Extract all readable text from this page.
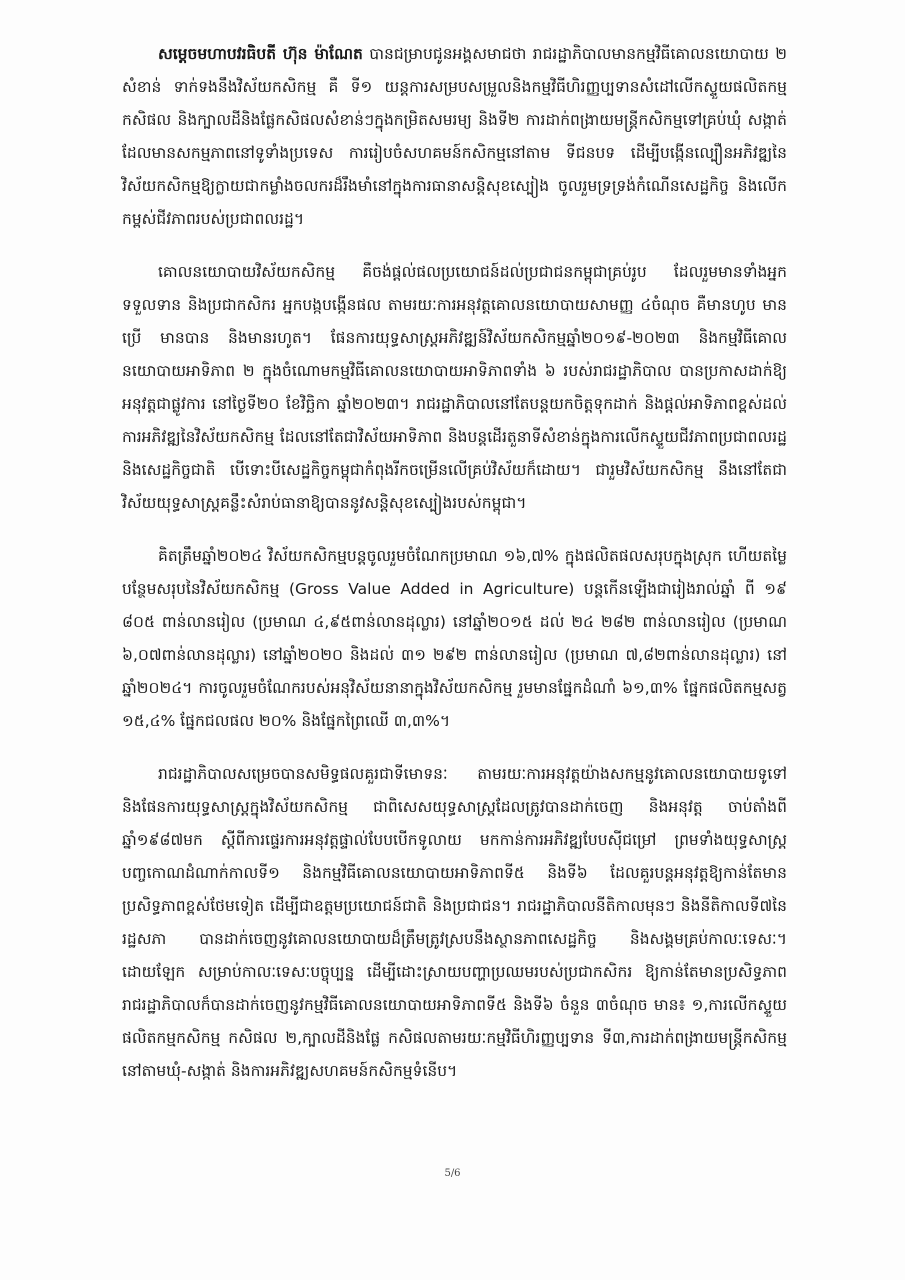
សម្ដេចមហាបវរធិបតី ហ៊ុន ម៉ាណែត បានជម្រាបជូនអង្គសមាជថា រាជរដ្ឋាភិបាលមានកម្មវិធីគោលនយោបាយ ២ សំខាន់ ទាក់ទងនឹងវិស័យកសិកម្ម គឺ ទី១ យន្តការសម្របសម្រួលនិងកម្មវិធីហិរញ្ញប្បទានសំដៅលើកស្ទួយផលិតកម្ម កសិផល និងក្បាលដីនិងផ្លែកសិផលសំខាន់ៗក្នុងកម្រិតសមរម្យ និងទី២ ការដាក់ពង្រាយមន្ត្រីកសិកម្មទៅគ្រប់ឃុំ សង្កាត់ ដែលមានសកម្មភាពនៅទូទាំងប្រទេស ការរៀបចំសហគមន៍កសិកម្មនៅតាម ទីជនបទ ដើម្បីបង្កើនល្បឿនអភិវឌ្ឍនៃវិស័យកសិកម្មឱ្យក្លាយជាកម្លាំងចលករដ៏រឹងមាំនៅក្នុងការធានាសន្តិសុខស្បៀង ចូលរួមទ្រទ្រង់កំណើនសេដ្ឋកិច្ច និងលើកកម្ពស់ជីវភាពរបស់ប្រជាពលរដ្ឋ។

គោលនយោបាយវិស័យកសិកម្ម គឺចង់ផ្តល់ផលប្រយោជន៍ដល់ប្រជាជនកម្ពុជាគ្រប់រូប ដែលរួមមានទាំងអ្នកទទួលទាន និងប្រជាកសិករ អ្នកបង្កបង្កើនផល តាមរយៈការអនុវត្តគោលនយោបាយសាមញ្ញ ៤ចំណុច គឺមានហូប មានប្រើ មានបាន និងមានរហូត។ ផែនការយុទ្ធសាស្ត្រអភិវឌ្ឍន៍វិស័យកសិកម្មឆ្នាំ២០១៩-២០២៣ និងកម្មវិធីគោលនយោបាយអាទិភាព ២ ក្នុងចំណោមកម្មវិធីគោលនយោបាយអាទិភាពទាំង ៦ របស់រាជរដ្ឋាភិបាល បានប្រកាសដាក់ឱ្យអនុវត្តជាផ្លូវការ នៅថ្ងៃទី២០ ខែវិច្ឆិកា ឆ្នាំ២០២៣។ រាជរដ្ឋាភិបាលនៅតែបន្តយកចិត្តទុកដាក់ និងផ្តល់អាទិភាពខ្ពស់ដល់ការអភិវឌ្ឍនៃវិស័យកសិកម្ម ដែលនៅតែជាវិស័យអាទិភាព និងបន្តដើរតួនាទីសំខាន់ក្នុងការលើកស្ទួយជីវភាពប្រជាពលរដ្ឋ និងសេដ្ឋកិច្ចជាតិ បើទោះបីសេដ្ឋកិច្ចកម្ពុជាកំពុងរីកចម្រើនលើគ្រប់វិស័យក៏ដោយ។ ជារួមវិស័យកសិកម្ម នឹងនៅតែជាវិស័យយុទ្ធសាស្ត្រគន្លឹះសំរាប់ធានាឱ្យបាននូវសន្តិសុខស្បៀងរបស់កម្ពុជា។

គិតត្រឹមឆ្នាំ២០២៤ វិស័យកសិកម្មបន្តចូលរួមចំណែកប្រមាណ ១៦,៧% ក្នុងផលិតផលសរុបក្នុងស្រុក ហើយតម្លៃបន្ថែមសរុបនៃវិស័យកសិកម្ម (Gross Value Added in Agriculture) បន្តកើនឡើងជារៀងរាល់ឆ្នាំ ពី ១៩ ៨០៥ ពាន់លានរៀល (ប្រមាណ ៤,៩៥ពាន់លានដុល្លារ) នៅឆ្នាំ២០១៥ ដល់ ២៤ ២៨២ ពាន់លានរៀល (ប្រមាណ ៦,០៧ពាន់លានដុល្លារ) នៅឆ្នាំ២០២០ និងដល់ ៣១ ២៩២ ពាន់លានរៀល (ប្រមាណ ៧,៨២ពាន់លានដុល្លារ) នៅឆ្នាំ២០២៤។ ការចូលរួមចំណែករបស់អនុវិស័យនានាក្នុងវិស័យកសិកម្ម រួមមានផ្នែកដំណាំ ៦១,៣% ផ្នែកផលិតកម្មសត្វ ១៥,៤% ផ្នែកជលផល ២០% និងផ្នែកព្រៃឈើ ៣,៣%។

រាជរដ្ឋាភិបាលសម្រេចបានសមិទ្ធផលគួរជាទីមោទនៈ តាមរយៈការអនុវត្តយ៉ាងសកម្មនូវគោលនយោបាយទូទៅ និងផែនការយុទ្ធសាស្ត្រក្នុងវិស័យកសិកម្ម ជាពិសេសយុទ្ធសាស្ត្រដែលត្រូវបានដាក់ចេញ និងអនុវត្ត ចាប់តាំងពីឆ្នាំ១៩៨៧មក ស្តីពីការផ្ទេរការអនុវត្តផ្ទាល់បែបបើកទូលាយ មកកាន់ការអភិវឌ្ឍបែបស៊ីជម្រៅ ព្រមទាំងយុទ្ធសាស្ត្របញ្ចកោណដំណាក់កាលទី១ និងកម្មវិធីគោលនយោបាយអាទិភាពទី៥ និងទី៦ ដែលគួរបន្តអនុវត្តឱ្យកាន់តែមានប្រសិទ្ធភាពខ្ពស់ថែមទៀត ដើម្បីជាឧត្តមប្រយោជន៍ជាតិ និងប្រជាជន។ រាជរដ្ឋាភិបាលនីតិកាលមុនៗ និងនីតិកាលទី៧នៃរដ្ឋសភា បានដាក់ចេញនូវគោលនយោបាយដ៏ត្រឹមត្រូវស្របនឹងស្ថានភាពសេដ្ឋកិច្ច និងសង្គមគ្រប់កាលៈទេសៈ។ ដោយឡែក សម្រាប់កាលៈទេសៈបច្ចុប្បន្ន ដើម្បីដោះស្រាយបញ្ហាប្រឈមរបស់ប្រជាកសិករ ឱ្យកាន់តែមានប្រសិទ្ធភាព រាជរដ្ឋាភិបាលក៏បានដាក់ចេញនូវកម្មវិធីគោលនយោបាយអាទិភាពទី៥ និងទី៦ ចំនួន ៣ចំណុច មាន៖ ១,ការលើកស្ទួយផលិតកម្មកសិកម្ម កសិផល ២,ក្បាលដីនិងផ្លែ កសិផលតាមរយៈកម្មវិធីហិរញ្ញប្បទាន ទី៣,ការដាក់ពង្រាយមន្ត្រីកសិកម្មនៅតាមឃុំ-សង្កាត់ និងការអភិវឌ្ឍសហគមន៍កសិកម្មទំនើប។

5/6
